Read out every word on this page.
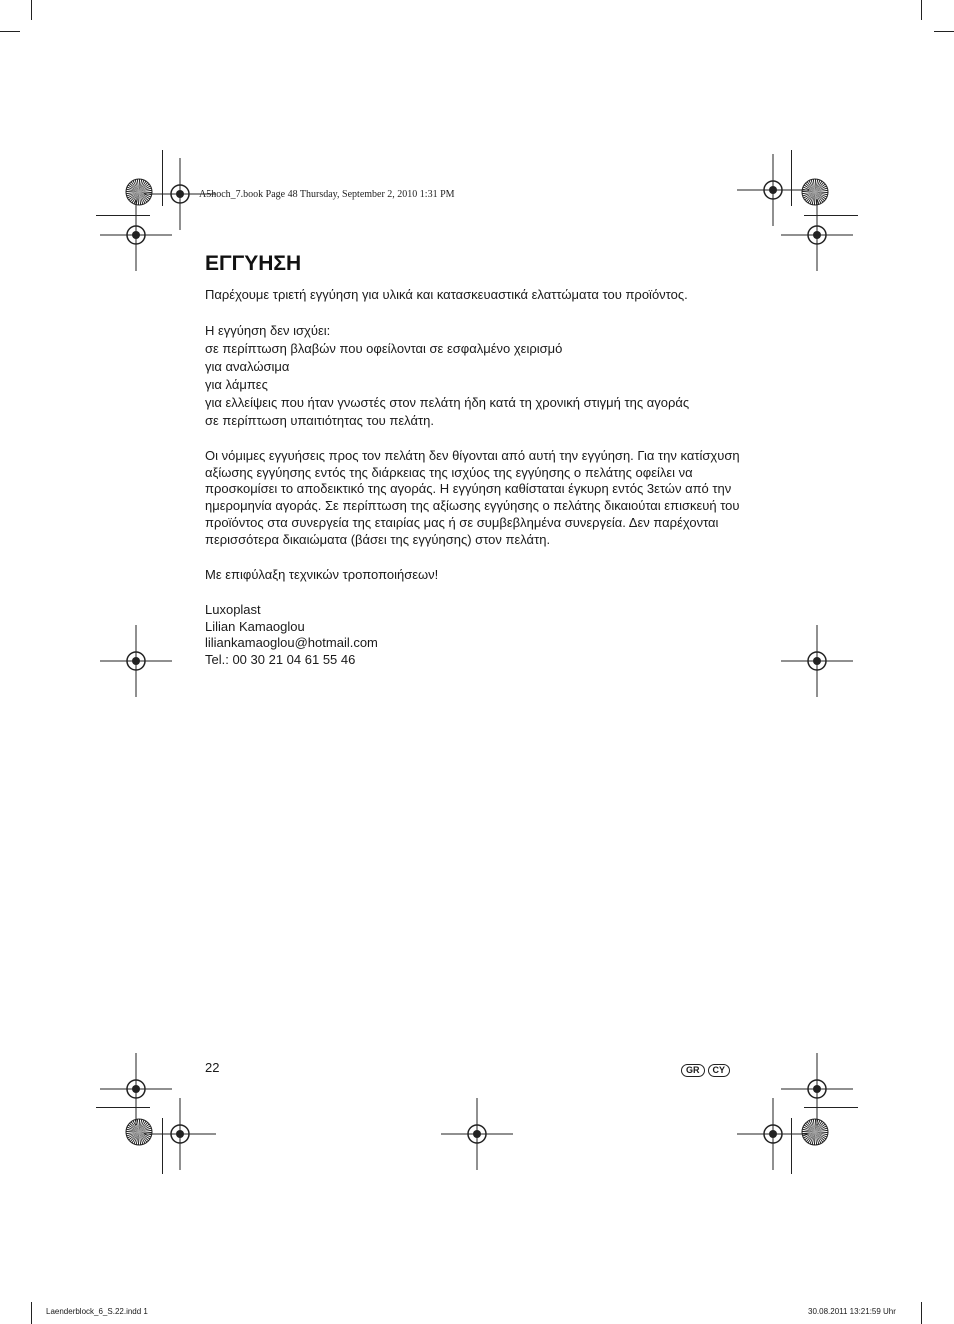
A5hoch_7.book Page 48 Thursday, September 2, 2010 1:31 PM
ΕΓΓΥΗΣΗ

Παρέχουμε τριετή εγγύηση για υλικά και κατασκευαστικά ελαττώματα του προϊόντος.

Η εγγύηση δεν ισχύει:
σε περίπτωση βλαβών που οφείλονται σε εσφαλμένο χειρισμό
για αναλώσιμα
για λάμπες
για ελλείψεις που ήταν γνωστές στον πελάτη ήδη κατά τη χρονική στιγμή της αγοράς
σε περίπτωση υπαιτιότητας του πελάτη.

Οι νόμιμες εγγυήσεις προς τον πελάτη δεν θίγονται από αυτή την εγγύηση. Για την κατίσχυση αξίωσης εγγύησης εντός της διάρκειας της ισχύος της εγγύησης ο πελάτης οφείλει να προσκομίσει το αποδεικτικό της αγοράς. Η εγγύηση καθίσταται έγκυρη εντός 3ετών από την ημερομηνία αγοράς. Σε περίπτωση της αξίωσης εγγύησης ο πελάτης δικαιούται επισκευή του προϊόντος στα συνεργεία της εταιρίας μας ή σε συμβεβλημένα συνεργεία. Δεν παρέχονται περισσότερα δικαιώματα (βάσει της εγγύησης) στον πελάτη.

Με επιφύλαξη τεχνικών τροποποιήσεων!

Luxoplast
Lilian Kamaoglou
liliankamaoglou@hotmail.com
Tel.: 00 30 21 04 61 55 46
22	GR	CY
Laenderblock_6_S.22.indd 1	30.08.2011 13:21:59 Uhr
